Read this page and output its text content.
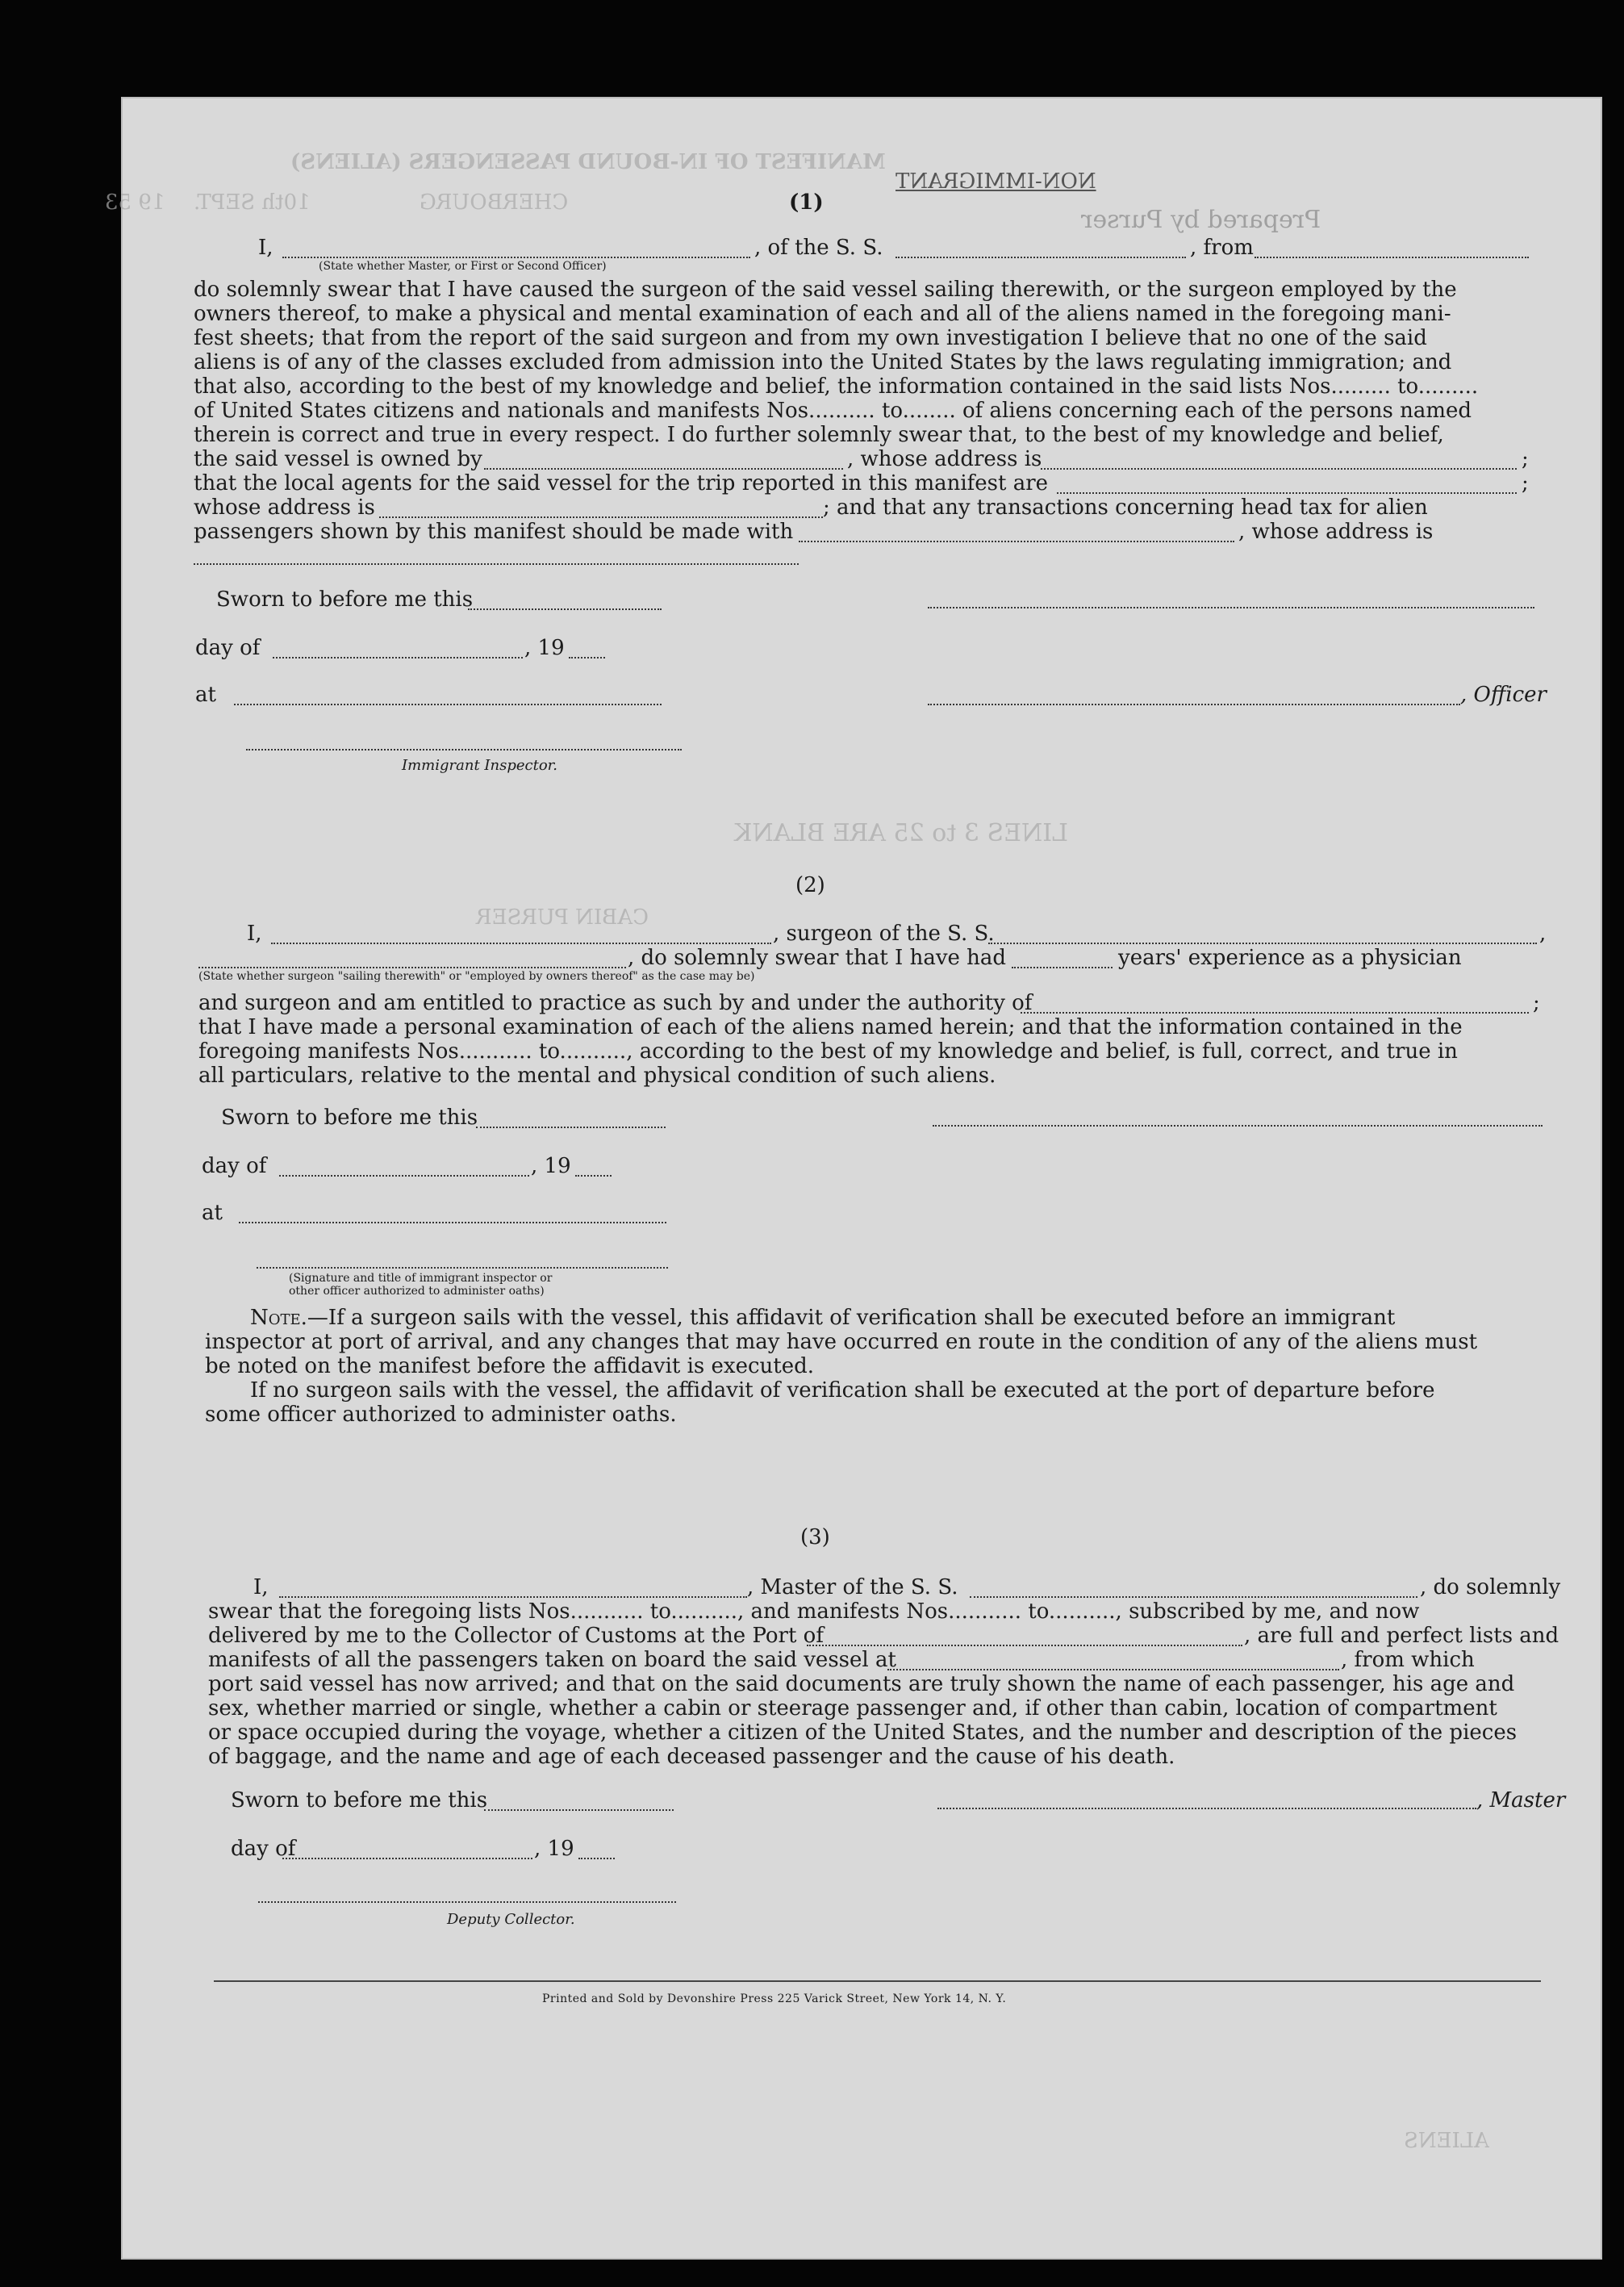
MANIFEST OF IN-BOUND PASSENGERS (ALIENS)
CHERBOURG
10th SEPT.
19 53
NON-IMMIGRANT
Prepared by Purser
LINES 3 to 25 ARE BLANK
CABIN PURSER
ALIENS
(1)
I,	, of the S. S.	, from
(State whether Master, or First or Second Officer)
do solemnly swear that I have caused the surgeon of the said vessel sailing therewith, or the surgeon employed by the
owners thereof, to make a physical and mental examination of each and all of the aliens named in the foregoing mani-
fest sheets; that from the report of the said surgeon and from my own investigation I believe that no one of the said
aliens is of any of the classes excluded from admission into the United States by the laws regulating immigration; and
that also, according to the best of my knowledge and belief, the information contained in the said lists Nos......... to.........
of United States citizens and nationals and manifests Nos.......... to........ of aliens concerning each of the persons named
therein is correct and true in every respect. I do further solemnly swear that, to the best of my knowledge and belief,
the said vessel is owned by	, whose address is	;
that the local agents for the said vessel for the trip reported in this manifest are	;
whose address is	; and that any transactions concerning head tax for alien
passengers shown by this manifest should be made with	, whose address is
Sworn to before me this
day of	, 19
at	, Officer
Immigrant Inspector.
(2)
I,	, surgeon of the S. S.	,
, do solemnly swear that I have had	years' experience as a physician
(State whether surgeon "sailing therewith" or "employed by owners thereof" as the case may be)
and surgeon and am entitled to practice as such by and under the authority of	;
that I have made a personal examination of each of the aliens named herein; and that the information contained in the
foregoing manifests Nos........... to.........., according to the best of my knowledge and belief, is full, correct, and true in
all particulars, relative to the mental and physical condition of such aliens.
Sworn to before me this
day of	, 19
at
(Signature and title of immigrant inspector or
other officer authorized to administer oaths)
Note.—If a surgeon sails with the vessel, this affidavit of verification shall be executed before an immigrant
inspector at port of arrival, and any changes that may have occurred en route in the condition of any of the aliens must
be noted on the manifest before the affidavit is executed.
If no surgeon sails with the vessel, the affidavit of verification shall be executed at the port of departure before
some officer authorized to administer oaths.
(3)
I,	, Master of the S. S.	, do solemnly
swear that the foregoing lists Nos........... to.........., and manifests Nos........... to.........., subscribed by me, and now
delivered by me to the Collector of Customs at the Port of	, are full and perfect lists and
manifests of all the passengers taken on board the said vessel at	, from which
port said vessel has now arrived; and that on the said documents are truly shown the name of each passenger, his age and
sex, whether married or single, whether a cabin or steerage passenger and, if other than cabin, location of compartment
or space occupied during the voyage, whether a citizen of the United States, and the number and description of the pieces
of baggage, and the name and age of each deceased passenger and the cause of his death.
Sworn to before me this	, Master
day of	, 19
Deputy Collector.
Printed and Sold by Devonshire Press 225 Varick Street, New York 14, N. Y.
